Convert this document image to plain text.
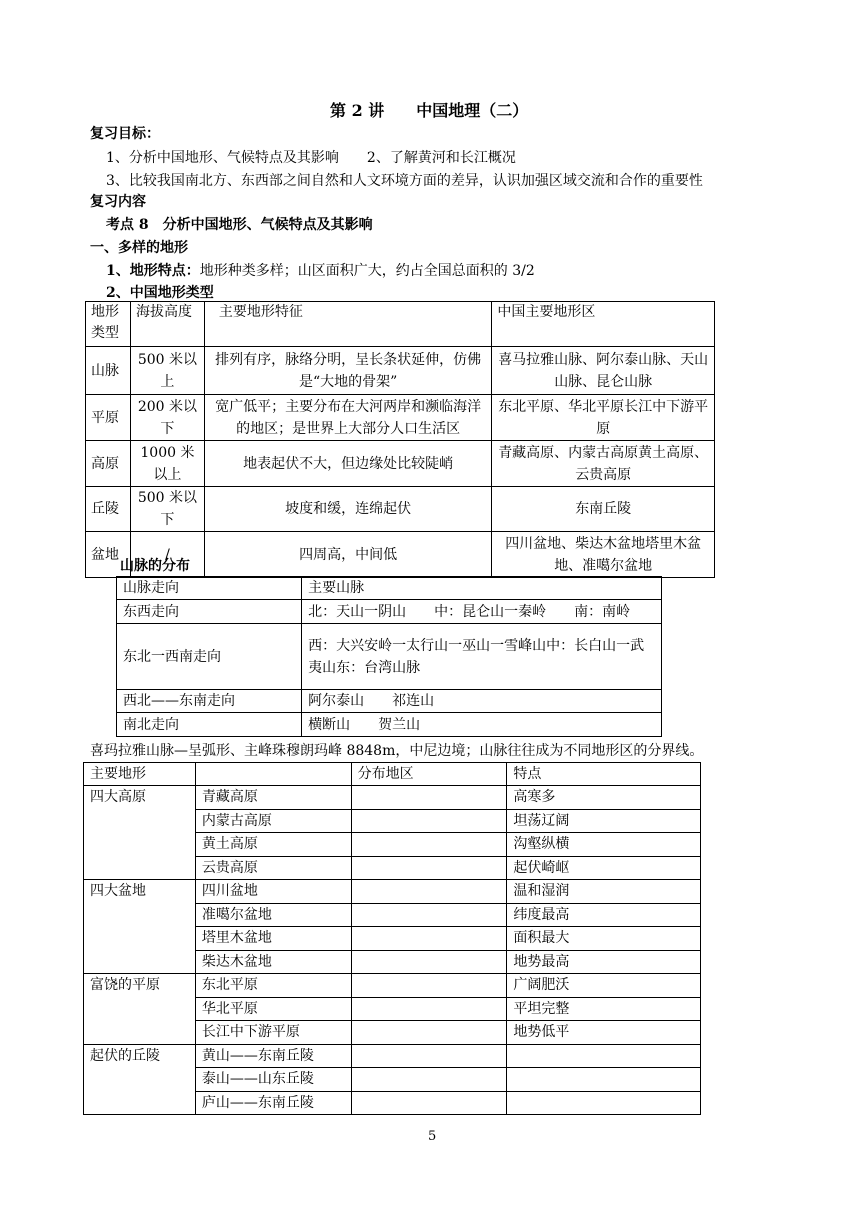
第 2 讲　　中国地理（二）
复习目标：
1、分析中国地形、气候特点及其影响　　2、了解黄河和长江概况
3、比较我国南北方、东西部之间自然和人文环境方面的差异，认识加强区域交流和合作的重要性
复习内容
考点 8　分析中国地形、气候特点及其影响
一、多样的地形
1、地形特点：地形种类多样；山区面积广大，约占全国总面积的 3/2
2、中国地形类型
地形类型	海拔高度	主要地形特征	中国主要地形区
山脉	500 米以上	排列有序，脉络分明，呈长条状延伸，仿佛是“大地的骨架”	喜马拉雅山脉、阿尔泰山脉、天山山脉、昆仑山脉
平原	200 米以下	宽广低平；主要分布在大河两岸和濒临海洋的地区；是世界上大部分人口生活区	东北平原、华北平原长江中下游平原
高原	1000 米以上	地表起伏不大，但边缘处比较陡峭	青藏高原、内蒙古高原黄土高原、云贵高原
丘陵	500 米以下	坡度和缓，连绵起伏	东南丘陵
盆地	/	四周高，中间低	四川盆地、柴达木盆地塔里木盆地、准噶尔盆地
山脉的分布
山脉走向	主要山脉
东西走向	北：天山一阴山　　中：昆仑山一秦岭　　南：南岭
东北一西南走向	西：大兴安岭一太行山一巫山一雪峰山中：长白山一武夷山东：台湾山脉
西北——东南走向	阿尔泰山　　祁连山
南北走向	横断山　　贺兰山
喜玛拉雅山脉—呈弧形、主峰珠穆朗玛峰 8848m，中尼边境；山脉往往成为不同地形区的分界线。
主要地形		分布地区	特点
四大高原	青藏高原		高寒多
	内蒙古高原		坦荡辽阔
	黄土高原		沟壑纵横
	云贵高原		起伏崎岖
四大盆地	四川盆地		温和湿润
	准噶尔盆地		纬度最高
	塔里木盆地		面积最大
	柴达木盆地		地势最高
富饶的平原	东北平原		广阔肥沃
	华北平原		平坦完整
	长江中下游平原		地势低平
起伏的丘陵	黄山——东南丘陵		
	泰山——山东丘陵		
	庐山——东南丘陵		
5
